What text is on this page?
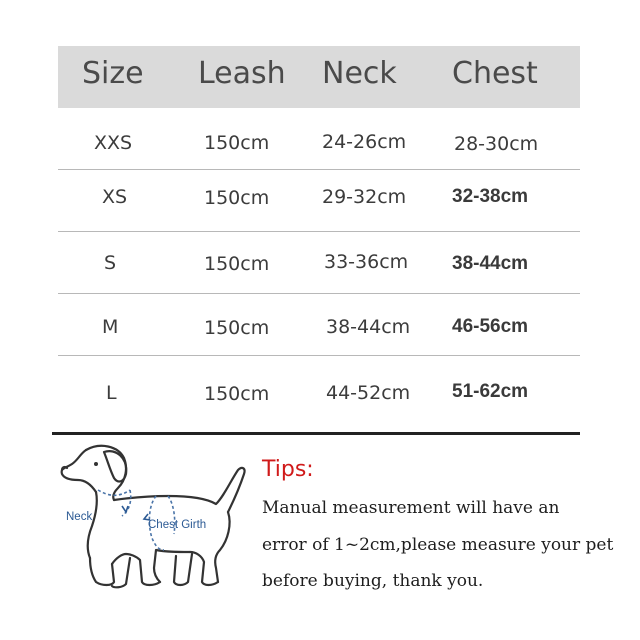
Size Leash Neck Chest
XXS	150cm	24-26cm	28-30cm
XS	150cm	29-32cm 32-38cm
S	150cm	33-36cm 38-44cm
M	150cm	38-44cm 46-56cm
L	150cm	44-52cm 51-62cm
Neck
Chest Girth
Tips:
Manual measurement will have an
error of 1~2cm,please measure your pet
before buying, thank you.
